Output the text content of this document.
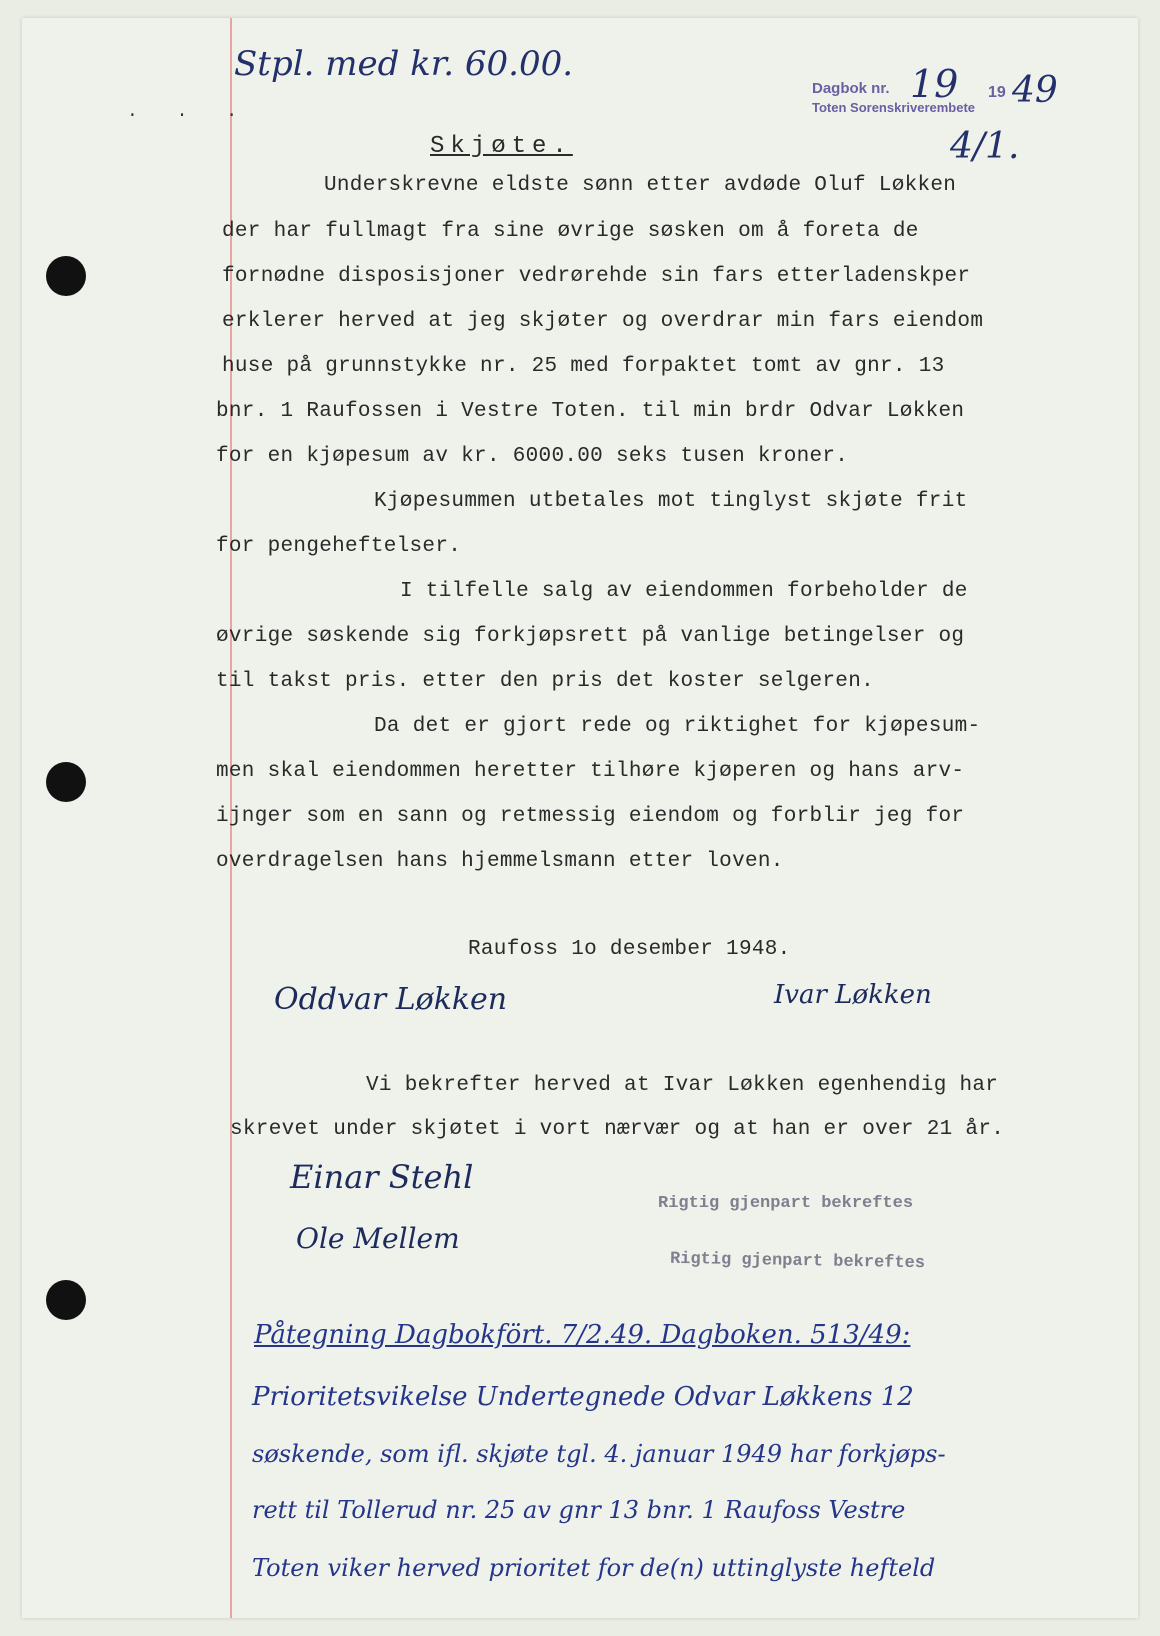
. . .
Stpl. med kr. 60.00.
Dagbok nr.
Toten Sorenskriverembete
19 19 49
4/1.
Skjøte.
Underskrevne eldste sønn etter avdøde Oluf Løkken
der har fullmagt fra sine øvrige søsken om å foreta de
fornødne disposisjoner vedrørehde sin fars etterladenskper
erklerer herved at jeg skjøter og overdrar min fars eiendom
huse på grunnstykke nr. 25 med forpaktet tomt av gnr. 13
bnr. 1 Raufossen i Vestre Toten. til min brdr Odvar Løkken
for en kjøpesum av kr. 6000.00 seks tusen kroner.
Kjøpesummen utbetales mot tinglyst skjøte frit
for pengeheftelser.
I tilfelle salg av eiendommen forbeholder de
øvrige søskende sig forkjøpsrett på vanlige betingelser og
til takst pris. etter den pris det koster selgeren.
Da det er gjort rede og riktighet for kjøpesum-
men skal eiendommen heretter tilhøre kjøperen og hans arv-
ijnger som en sann og retmessig eiendom og forblir jeg for
overdragelsen hans hjemmelsmann etter loven.
Raufoss 1o desember 1948.
Oddvar Løkken	Ivar Løkken
Vi bekrefter herved at Ivar Løkken egenhendig har
skrevet under skjøtet i vort nærvær og at han er over 21 år.
Einar Stehl
Ole Mellem
Rigtig gjenpart bekreftes
Rigtig gjenpart bekreftes
Påtegning Dagbokfört. 7/2.49. Dagboken. 513/49:
Prioritetsvikelse Undertegnede Odvar Løkkens 12
søskende, som ifl. skjøte tgl. 4. januar 1949 har forkjøps-
rett til Tollerud nr. 25 av gnr 13 bnr. 1 Raufoss Vestre
Toten viker herved prioritet for de(n) uttinglyste hefteld
